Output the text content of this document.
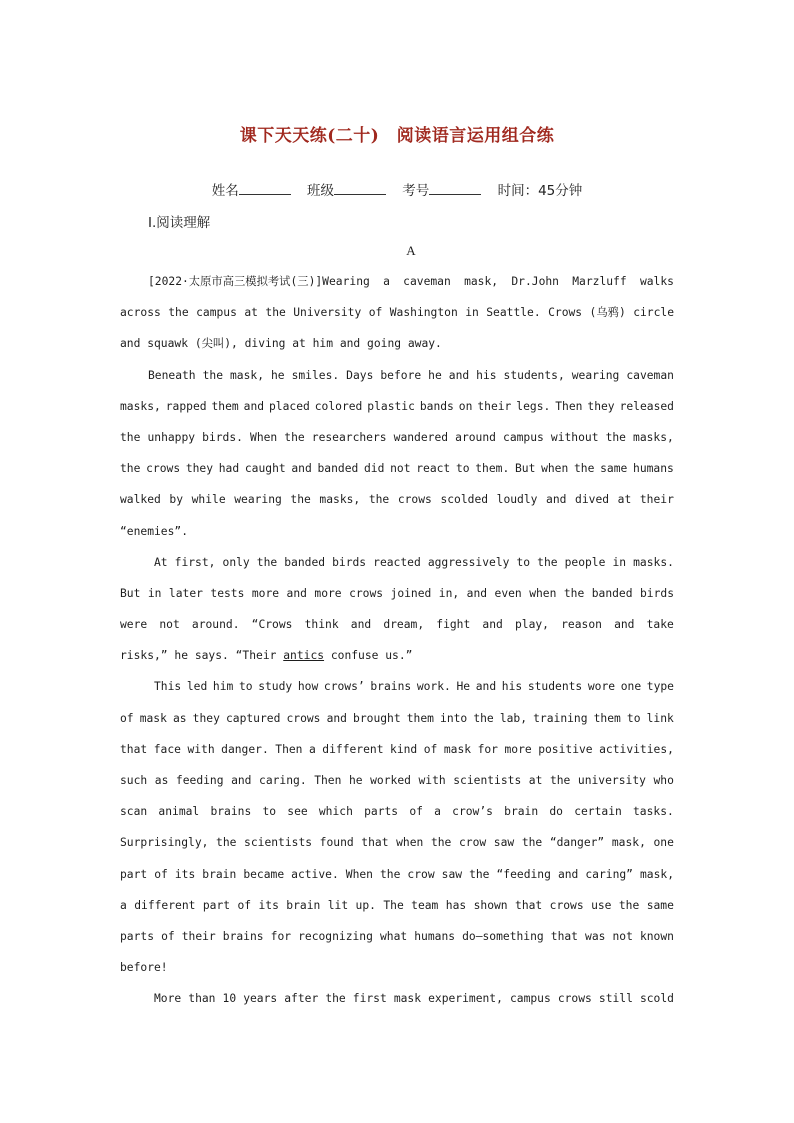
课下天天练(二十)　阅读语言运用组合练
姓名	班级	考号	时间：45分钟
Ⅰ.阅读理解
A
[2022·太原市高三模拟考试(三)]Wearing a caveman mask, Dr.John Marzluff walks
across the campus at the University of Washington in Seattle. Crows (乌鸦) circle
and squawk (尖叫), diving at him and going away.
Beneath the mask, he smiles. Days before he and his students, wearing caveman
masks, rapped them and placed colored plastic bands on their legs. Then they released
the unhappy birds. When the researchers wandered around campus without the masks,
the crows they had caught and banded did not react to them. But when the same humans
walked by while wearing the masks, the crows scolded loudly and dived at their
“enemies”.
At first, only the banded birds reacted aggressively to the people in masks.
But in later tests more and more crows joined in, and even when the banded birds
were not around. “Crows think and dream, fight and play, reason and take
risks,” he says. “Their antics confuse us.”
This led him to study how crows’ brains work. He and his students wore one type
of mask as they captured crows and brought them into the lab, training them to link
that face with danger. Then a different kind of mask for more positive activities,
such as feeding and caring. Then he worked with scientists at the university who
scan animal brains to see which parts of a crow’s brain do certain tasks.
Surprisingly, the scientists found that when the crow saw the “danger” mask, one
part of its brain became active. When the crow saw the “feeding and caring” mask,
a different part of its brain lit up. The team has shown that crows use the same
parts of their brains for recognizing what humans do—something that was not known
before!
More than 10 years after the first mask experiment, campus crows still scold
